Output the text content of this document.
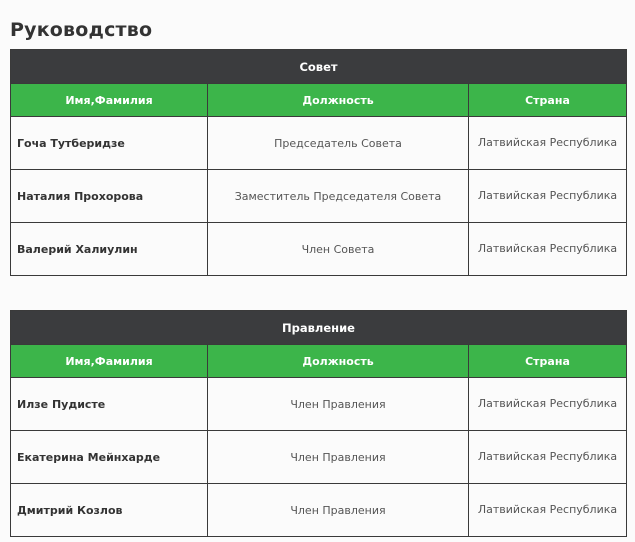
Руководство
Совет		
Имя,Фамилия	Должность	Страна
Гоча Тутберидзе	Председатель Совета	Латвийская Республика
Наталия Прохорова	Заместитель Председателя Совета	Латвийская Республика
Валерий Халиулин	Член Совета	Латвийская Республика
Правление		
Имя,Фамилия	Должность	Страна
Илзе Пудисте	Член Правления	Латвийская Республика
Екатерина Мейнхарде	Член Правления	Латвийская Республика
Дмитрий Козлов	Член Правления	Латвийская Республика
